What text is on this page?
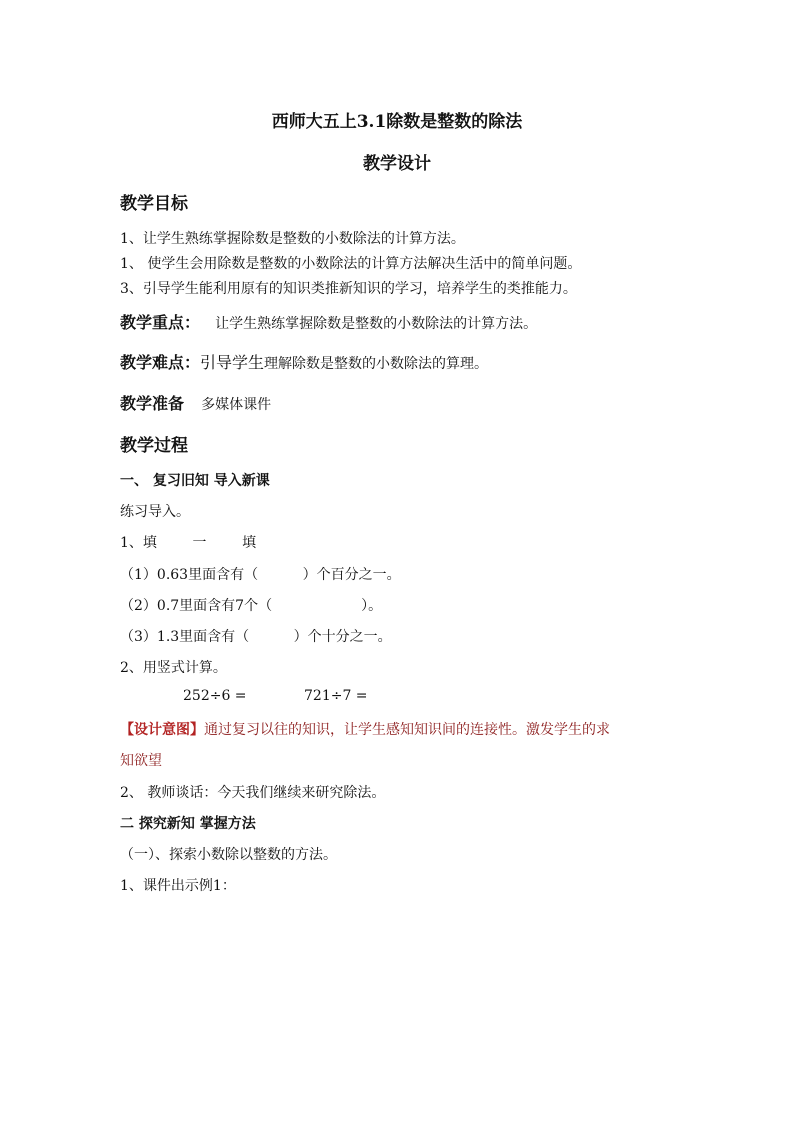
西师大五上3.1除数是整数的除法
教学设计
教学目标
1、让学生熟练掌握除数是整数的小数除法的计算方法。
1、 使学生会用除数是整数的小数除法的计算方法解决生活中的简单问题。
3、引导学生能利用原有的知识类推新知识的学习，培养学生的类推能力。
教学重点： 让学生熟练掌握除数是整数的小数除法的计算方法。
教学难点：引导学生理解除数是整数的小数除法的算理。
教学准备 多媒体课件
教学过程
一、 复习旧知 导入新课
练习导入。
1、填        一        填
（1）0.63里面含有（          ）个百分之一。
（2）0.7里面含有7个（                    ）。
（3）1.3里面含有（          ）个十分之一。
2、用竖式计算。
252÷6 =	721÷7 =
【设计意图】通过复习以往的知识，让学生感知知识间的连接性。激发学生的求
知欲望
2、 教师谈话：今天我们继续来研究除法。
二 探究新知 掌握方法
（一）、探索小数除以整数的方法。
1、课件出示例1：
